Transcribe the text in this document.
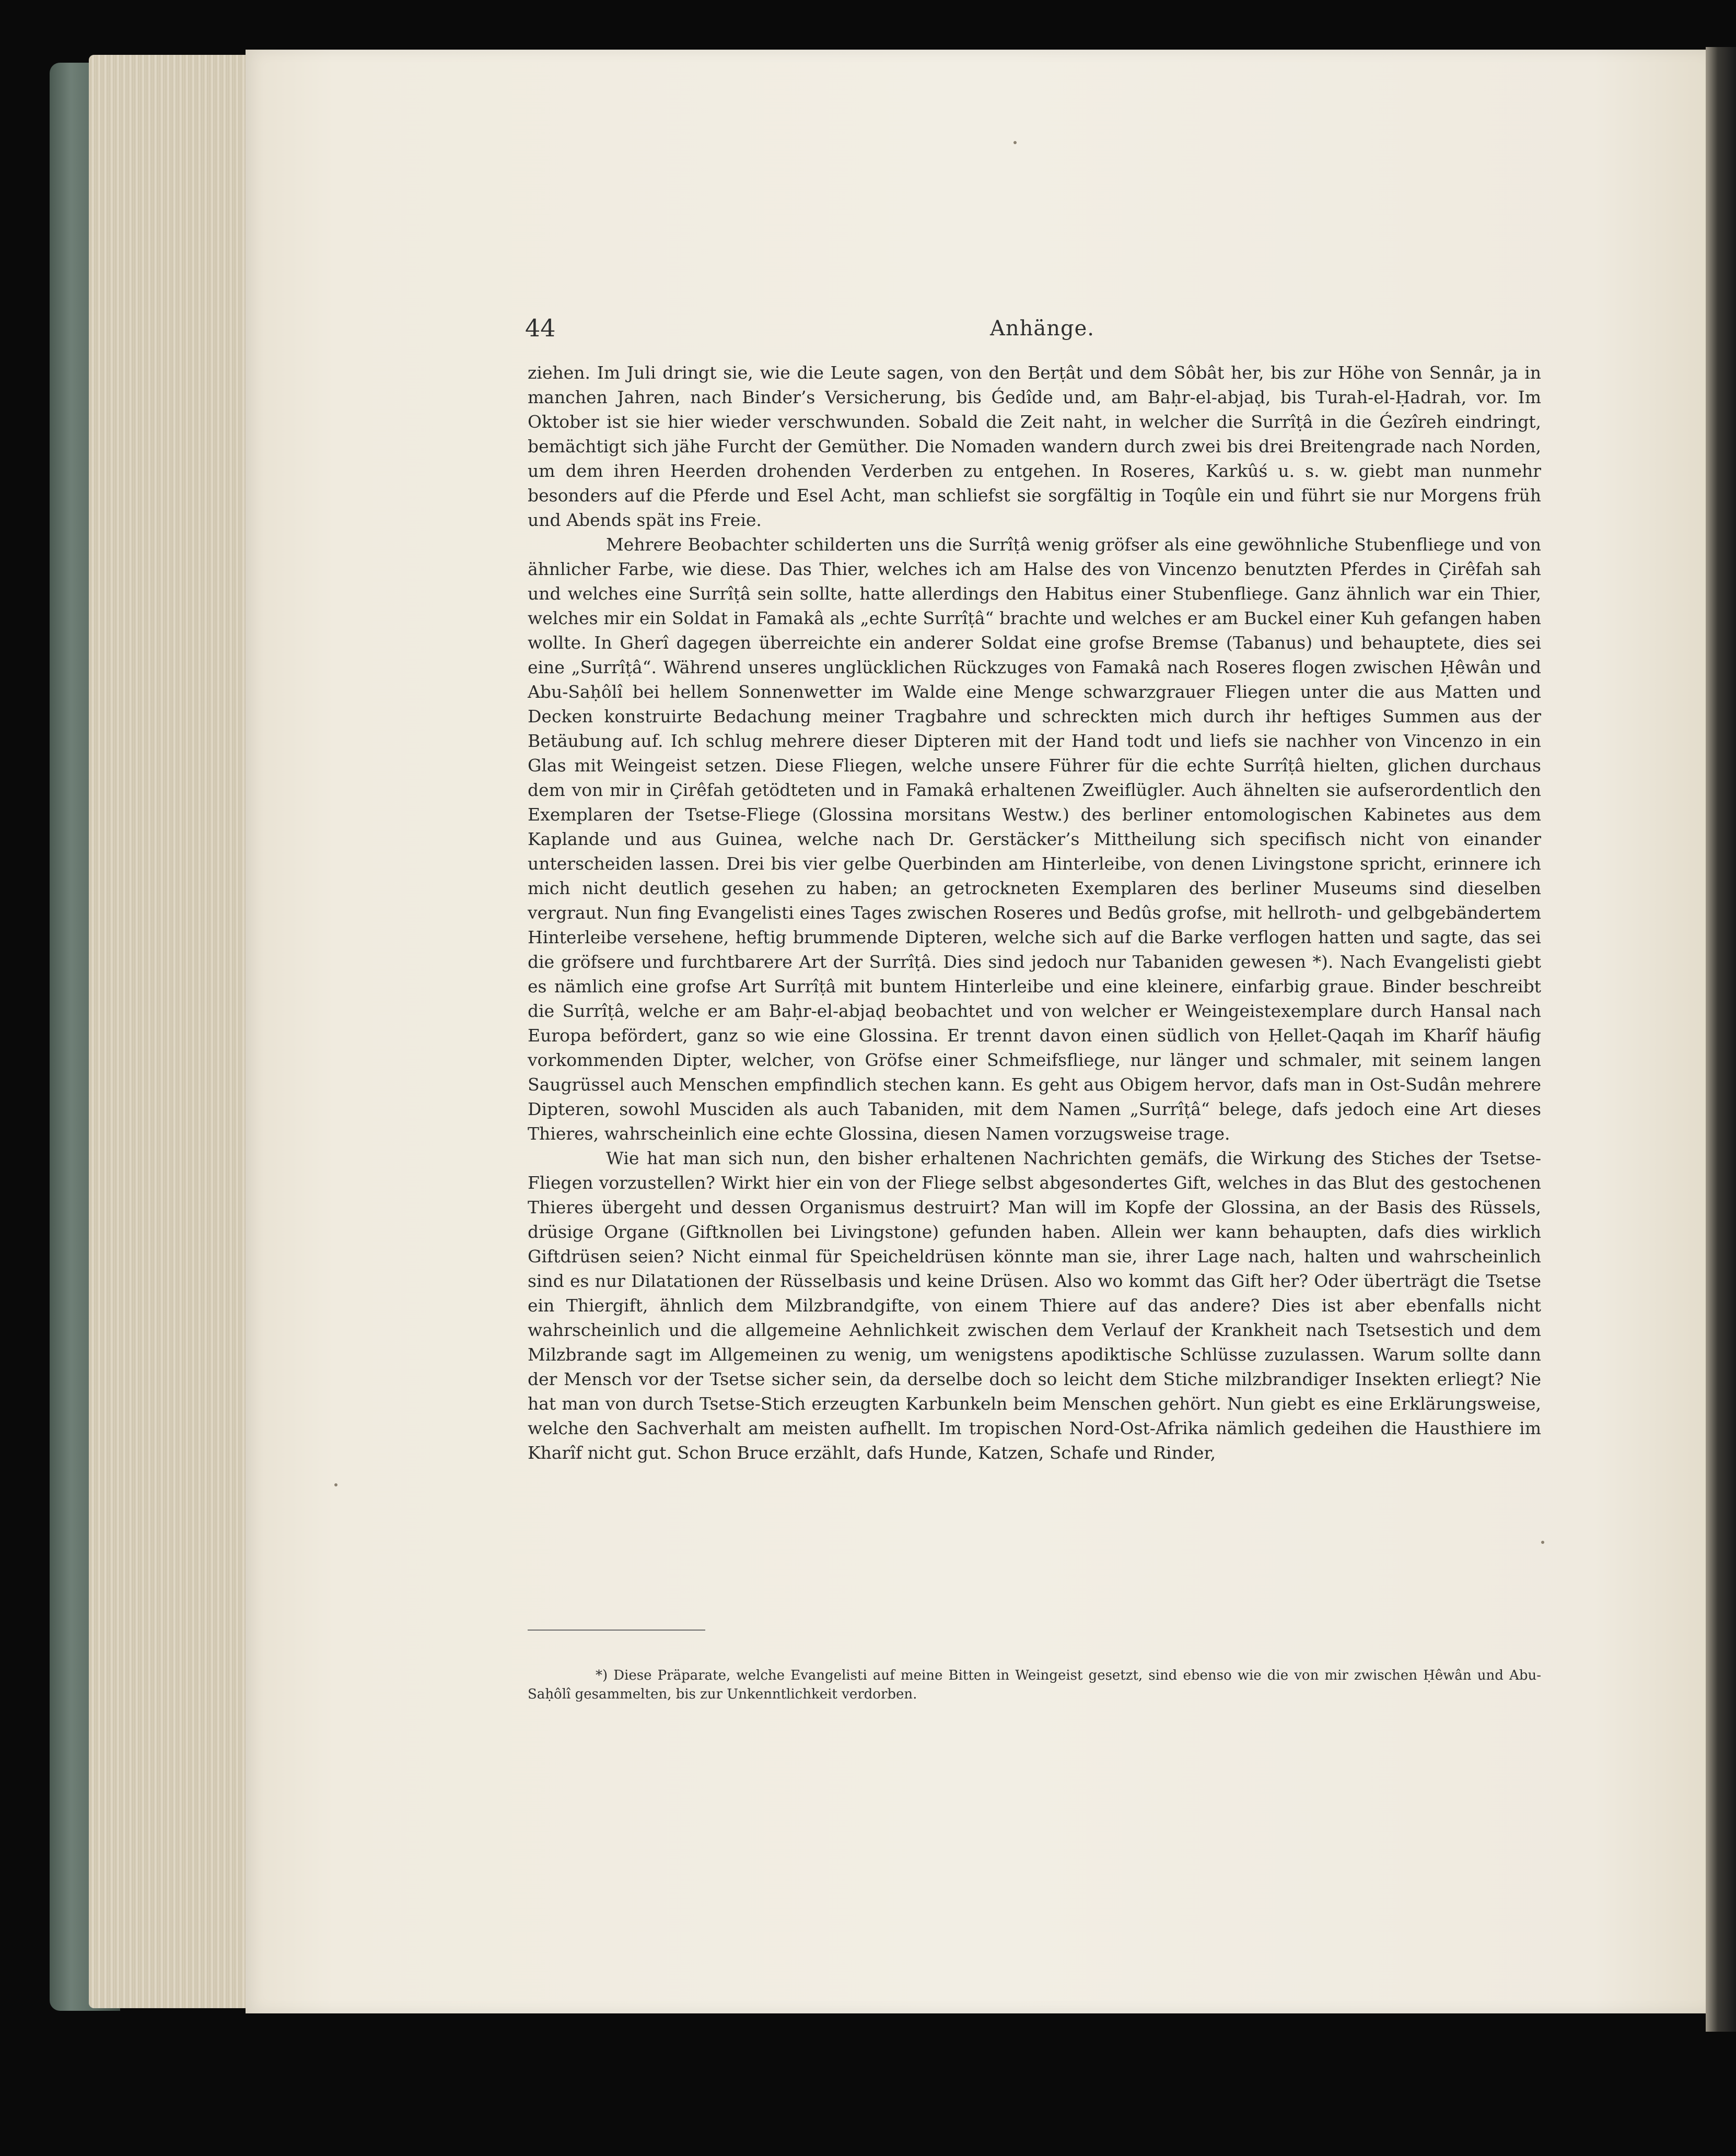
44	Anhänge.

ziehen. Im Juli dringt sie, wie die Leute sagen, von den Berṭât und dem Sôbât her, bis zur Höhe von Sennâr, ja in manchen Jahren, nach Binder’s Versicherung, bis Ǵedîde und, am Baḥr-el-abjaḍ, bis Turah-el-Ḥadrah, vor. Im Oktober ist sie hier wieder verschwunden. Sobald die Zeit naht, in welcher die Surrîṭâ in die Ǵezîreh eindringt, bemächtigt sich jähe Furcht der Gemüther. Die Nomaden wandern durch zwei bis drei Breitengrade nach Norden, um dem ihren Heerden drohenden Verderben zu entgehen. In Roseres, Karkûś u. s. w. giebt man nunmehr besonders auf die Pferde und Esel Acht, man schliefst sie sorgfältig in Toqûle ein und führt sie nur Morgens früh und Abends spät ins Freie.

Mehrere Beobachter schilderten uns die Surrîṭâ wenig gröfser als eine gewöhnliche Stubenfliege und von ähnlicher Farbe, wie diese. Das Thier, welches ich am Halse des von Vincenzo benutzten Pferdes in Çirêfah sah und welches eine Surrîṭâ sein sollte, hatte allerdings den Habitus einer Stubenfliege. Ganz ähnlich war ein Thier, welches mir ein Soldat in Famakâ als „echte Surrîṭâ“ brachte und welches er am Buckel einer Kuh gefangen haben wollte. In Gherî dagegen überreichte ein anderer Soldat eine grofse Bremse (Tabanus) und behauptete, dies sei eine „Surrîṭâ“. Während unseres unglücklichen Rückzuges von Famakâ nach Roseres flogen zwischen Ḥêwân und Abu-Saḥôlî bei hellem Sonnenwetter im Walde eine Menge schwarzgrauer Fliegen unter die aus Matten und Decken konstruirte Bedachung meiner Tragbahre und schreckten mich durch ihr heftiges Summen aus der Betäubung auf. Ich schlug mehrere dieser Dipteren mit der Hand todt und liefs sie nachher von Vincenzo in ein Glas mit Weingeist setzen. Diese Fliegen, welche unsere Führer für die echte Surrîṭâ hielten, glichen durchaus dem von mir in Çirêfah getödteten und in Famakâ erhaltenen Zweiflügler. Auch ähnelten sie aufserordentlich den Exemplaren der Tsetse-Fliege (Glossina morsitans Westw.) des berliner entomologischen Kabinetes aus dem Kaplande und aus Guinea, welche nach Dr. Gerstäcker’s Mittheilung sich specifisch nicht von einander unterscheiden lassen. Drei bis vier gelbe Querbinden am Hinterleibe, von denen Livingstone spricht, erinnere ich mich nicht deutlich gesehen zu haben; an getrockneten Exemplaren des berliner Museums sind dieselben vergraut. Nun fing Evangelisti eines Tages zwischen Roseres und Bedûs grofse, mit hellroth- und gelbgebändertem Hinterleibe versehene, heftig brummende Dipteren, welche sich auf die Barke verflogen hatten und sagte, das sei die gröfsere und furchtbarere Art der Surrîṭâ. Dies sind jedoch nur Tabaniden gewesen *). Nach Evangelisti giebt es nämlich eine grofse Art Surrîṭâ mit buntem Hinterleibe und eine kleinere, einfarbig graue. Binder beschreibt die Surrîṭâ, welche er am Baḥr-el-abjaḍ beobachtet und von welcher er Weingeistexemplare durch Hansal nach Europa befördert, ganz so wie eine Glossina. Er trennt davon einen südlich von Ḥellet-Qaqah im Kharîf häufig vorkommenden Dipter, welcher, von Gröfse einer Schmeifsfliege, nur länger und schmaler, mit seinem langen Saugrüssel auch Menschen empfindlich stechen kann. Es geht aus Obigem hervor, dafs man in Ost-Sudân mehrere Dipteren, sowohl Musciden als auch Tabaniden, mit dem Namen „Surrîṭâ“ belege, dafs jedoch eine Art dieses Thieres, wahrscheinlich eine echte Glossina, diesen Namen vorzugsweise trage.

Wie hat man sich nun, den bisher erhaltenen Nachrichten gemäfs, die Wirkung des Stiches der Tsetse-Fliegen vorzustellen? Wirkt hier ein von der Fliege selbst abgesondertes Gift, welches in das Blut des gestochenen Thieres übergeht und dessen Organismus destruirt? Man will im Kopfe der Glossina, an der Basis des Rüssels, drüsige Organe (Giftknollen bei Livingstone) gefunden haben. Allein wer kann behaupten, dafs dies wirklich Giftdrüsen seien? Nicht einmal für Speicheldrüsen könnte man sie, ihrer Lage nach, halten und wahrscheinlich sind es nur Dilatationen der Rüsselbasis und keine Drüsen. Also wo kommt das Gift her? Oder überträgt die Tsetse ein Thiergift, ähnlich dem Milzbrandgifte, von einem Thiere auf das andere? Dies ist aber ebenfalls nicht wahrscheinlich und die allgemeine Aehnlichkeit zwischen dem Verlauf der Krankheit nach Tsetsestich und dem Milzbrande sagt im Allgemeinen zu wenig, um wenigstens apodiktische Schlüsse zuzulassen. Warum sollte dann der Mensch vor der Tsetse sicher sein, da derselbe doch so leicht dem Stiche milzbrandiger Insekten erliegt? Nie hat man von durch Tsetse-Stich erzeugten Karbunkeln beim Menschen gehört. Nun giebt es eine Erklärungsweise, welche den Sachverhalt am meisten aufhellt. Im tropischen Nord-Ost-Afrika nämlich gedeihen die Hausthiere im Kharîf nicht gut. Schon Bruce erzählt, dafs Hunde, Katzen, Schafe und Rinder,

*) Diese Präparate, welche Evangelisti auf meine Bitten in Weingeist gesetzt, sind ebenso wie die von mir zwischen Ḥêwân und Abu-Saḥôlî gesammelten, bis zur Unkenntlichkeit verdorben.
